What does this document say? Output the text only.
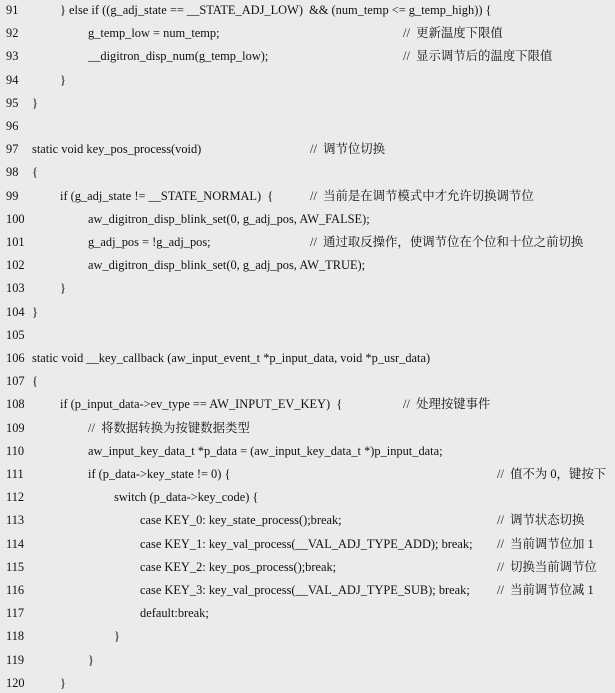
91	} else if ((g_adj_state == __STATE_ADJ_LOW)  && (num_temp <= g_temp_high)) {
92	g_temp_low = num_temp;	//  更新温度下限值
93	__digitron_disp_num(g_temp_low);	//  显示调节后的温度下限值
94	}
95 }
96
97 static void key_pos_process(void)	//  调节位切换
98 {
99	if (g_adj_state != __STATE_NORMAL)  {	//  当前是在调节模式中才允许切换调节位
100	aw_digitron_disp_blink_set(0, g_adj_pos, AW_FALSE);
101	g_adj_pos = !g_adj_pos;	//  通过取反操作，使调节位在个位和十位之前切换
102	aw_digitron_disp_blink_set(0, g_adj_pos, AW_TRUE);
103	}
104 }
105
106 static void __key_callback (aw_input_event_t *p_input_data, void *p_usr_data)
107 {
108	if (p_input_data->ev_type == AW_INPUT_EV_KEY)  {	//  处理按键事件
109	//  将数据转换为按键数据类型
110	aw_input_key_data_t *p_data = (aw_input_key_data_t *)p_input_data;
111	if (p_data->key_state != 0) {	//  值不为 0，键按下
112	switch (p_data->key_code) {
113	case KEY_0: key_state_process();break;	//  调节状态切换
114	case KEY_1: key_val_process(__VAL_ADJ_TYPE_ADD); break; //  当前调节位加 1
115	case KEY_2: key_pos_process();break;	//  切换当前调节位
116	case KEY_3: key_val_process(__VAL_ADJ_TYPE_SUB); break; //  当前调节位减 1
117	default:break;
118	}
119	}
120	}
